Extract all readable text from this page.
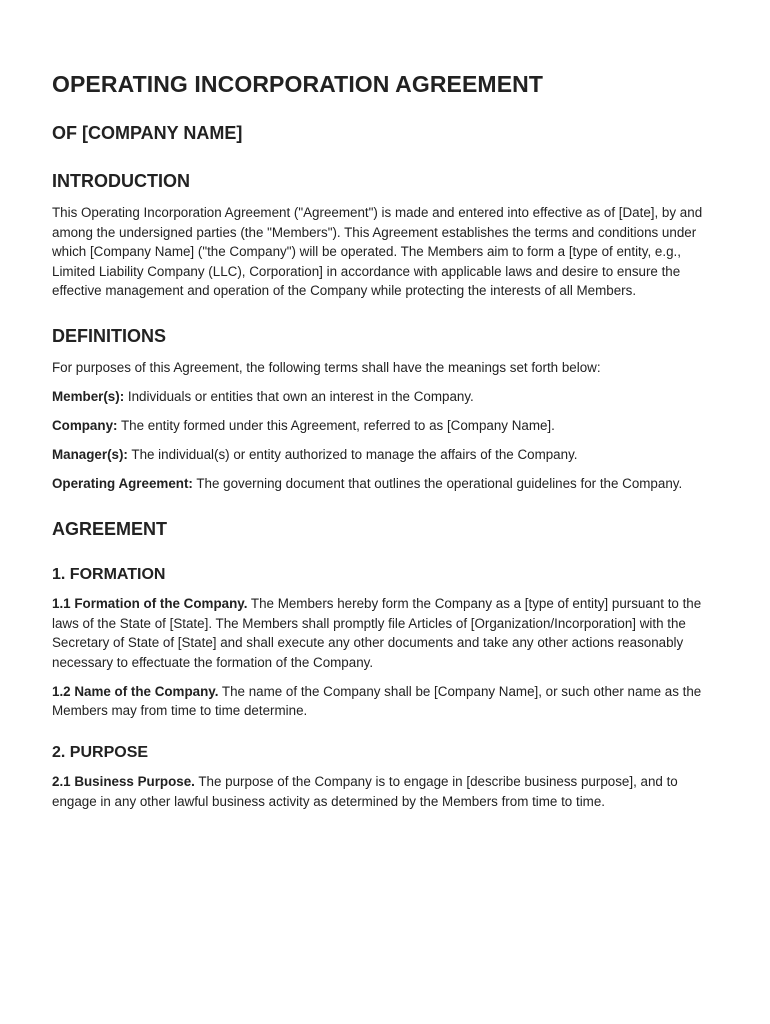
OPERATING INCORPORATION AGREEMENT
OF [COMPANY NAME]
INTRODUCTION

This Operating Incorporation Agreement ("Agreement") is made and entered into effective as of [Date], by and among the undersigned parties (the "Members"). This Agreement establishes the terms and conditions under which [Company Name] ("the Company") will be operated. The Members aim to form a [type of entity, e.g., Limited Liability Company (LLC), Corporation] in accordance with applicable laws and desire to ensure the effective management and operation of the Company while protecting the interests of all Members.

DEFINITIONS

For purposes of this Agreement, the following terms shall have the meanings set forth below:

Member(s): Individuals or entities that own an interest in the Company.

Company: The entity formed under this Agreement, referred to as [Company Name].

Manager(s): The individual(s) or entity authorized to manage the affairs of the Company.

Operating Agreement: The governing document that outlines the operational guidelines for the Company.

AGREEMENT
1. FORMATION

1.1 Formation of the Company. The Members hereby form the Company as a [type of entity] pursuant to the laws of the State of [State]. The Members shall promptly file Articles of [Organization/Incorporation] with the Secretary of State of [State] and shall execute any other documents and take any other actions reasonably necessary to effectuate the formation of the Company.

1.2 Name of the Company. The name of the Company shall be [Company Name], or such other name as the Members may from time to time determine.

2. PURPOSE

2.1 Business Purpose. The purpose of the Company is to engage in [describe business purpose], and to engage in any other lawful business activity as determined by the Members from time to time.
